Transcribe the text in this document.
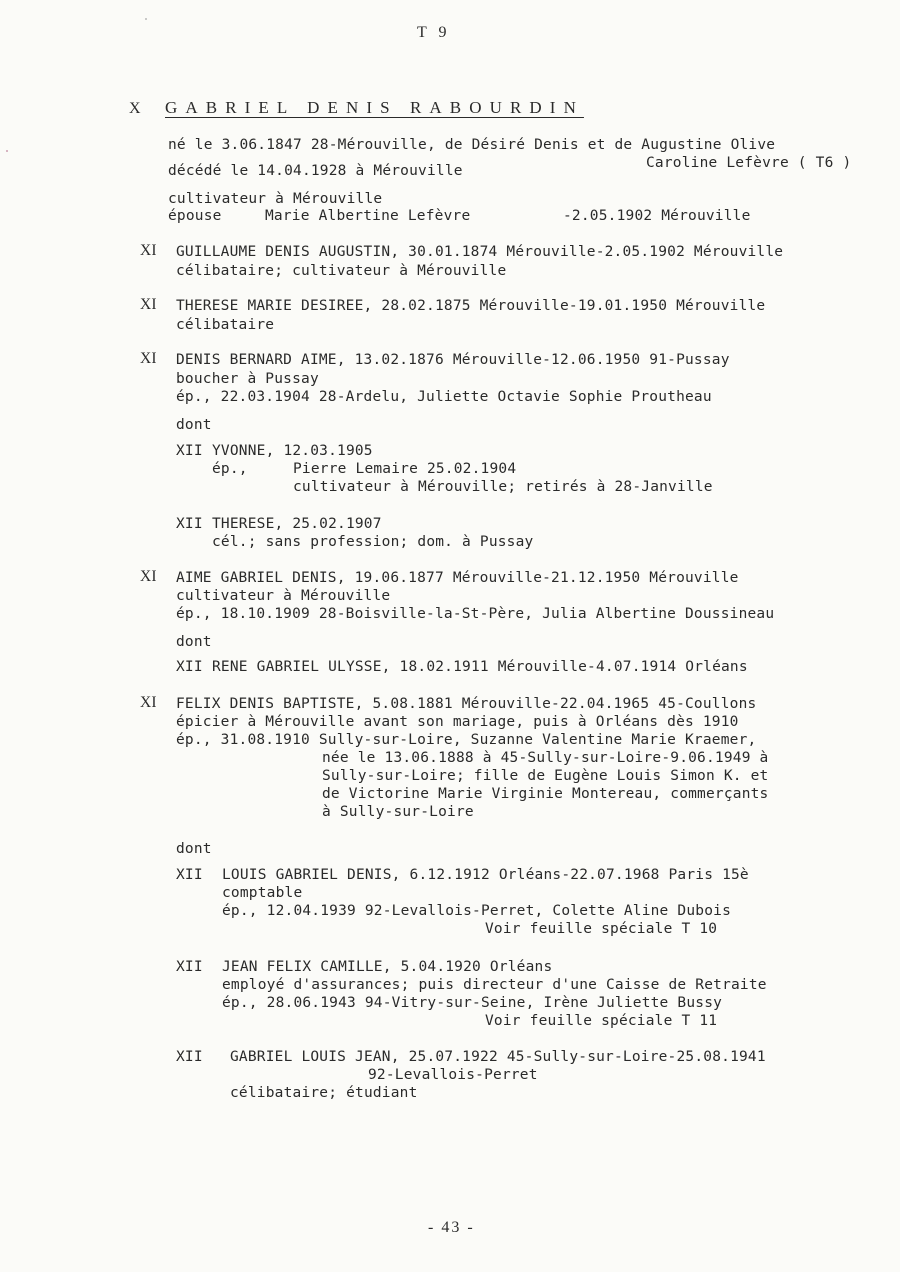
T 9
X GABRIEL DENIS RABOURDIN
né le 3.06.1847 28-Mérouville, de Désiré Denis et de Augustine Olive
Caroline Lefèvre ( T6 )
décédé le 14.04.1928 à Mérouville
cultivateur à Mérouville
épouse	Marie Albertine Lefèvre	-2.05.1902 Mérouville
XI GUILLAUME DENIS AUGUSTIN, 30.01.1874 Mérouville-2.05.1902 Mérouville
célibataire; cultivateur à Mérouville
XI THERESE MARIE DESIREE, 28.02.1875 Mérouville-19.01.1950 Mérouville
célibataire
XI DENIS BERNARD AIME, 13.02.1876 Mérouville-12.06.1950 91-Pussay
boucher à Pussay
ép., 22.03.1904 28-Ardelu, Juliette Octavie Sophie Proutheau
dont
XII YVONNE, 12.03.1905
ép.,	Pierre Lemaire 25.02.1904
cultivateur à Mérouville; retirés à 28-Janville
XII THERESE, 25.02.1907
cél.; sans profession; dom. à Pussay
XI AIME GABRIEL DENIS, 19.06.1877 Mérouville-21.12.1950 Mérouville
cultivateur à Mérouville
ép., 18.10.1909 28-Boisville-la-St-Père, Julia Albertine Doussineau
dont
XII RENE GABRIEL ULYSSE, 18.02.1911 Mérouville-4.07.1914 Orléans
XI FELIX DENIS BAPTISTE, 5.08.1881 Mérouville-22.04.1965 45-Coullons
épicier à Mérouville avant son mariage, puis à Orléans dès 1910
ép., 31.08.1910 Sully-sur-Loire, Suzanne Valentine Marie Kraemer,
née le 13.06.1888 à 45-Sully-sur-Loire-9.06.1949 à
Sully-sur-Loire; fille de Eugène Louis Simon K. et
de Victorine Marie Virginie Montereau, commerçants
à Sully-sur-Loire
dont
XII LOUIS GABRIEL DENIS, 6.12.1912 Orléans-22.07.1968 Paris 15è
comptable
ép., 12.04.1939 92-Levallois-Perret, Colette Aline Dubois
Voir feuille spéciale T 10
XII JEAN FELIX CAMILLE, 5.04.1920 Orléans
employé d'assurances; puis directeur d'une Caisse de Retraite
ép., 28.06.1943 94-Vitry-sur-Seine, Irène Juliette Bussy
Voir feuille spéciale T 11
XII GABRIEL LOUIS JEAN, 25.07.1922 45-Sully-sur-Loire-25.08.1941
92-Levallois-Perret
célibataire; étudiant
- 43 -
